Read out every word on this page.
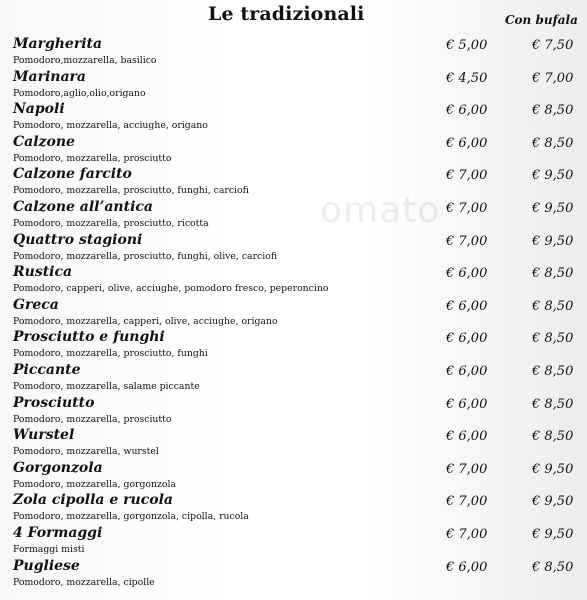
Le tradizionali	Con bufala
omato
Margherita
Pomodoro,mozzarella, basilico
€ 5,00	€ 7,50
Marinara
Pomodoro,aglio,olio,origano
€ 4,50	€ 7,00
Napoli
Pomodoro, mozzarella, acciughe, origano
€ 6,00	€ 8,50
Calzone
Pomodoro, mozzarella, prosciutto
€ 6,00	€ 8,50
Calzone farcito
Pomodoro, mozzarella, prosciutto, funghi, carciofi
€ 7,00	€ 9,50
Calzone all’antica
Pomodoro, mozzarella, prosciutto, ricotta
€ 7,00	€ 9,50
Quattro stagioni
Pomodoro, mozzarella, prosciutto, funghi, olive, carciofi
€ 7,00	€ 9,50
Rustica
Pomodoro, capperi, olive, acciughe, pomodoro fresco, peperoncino
€ 6,00	€ 8,50
Greca
Pomodoro, mozzarella, capperi, olive, acciughe, origano
€ 6,00	€ 8,50
Prosciutto e funghi
Pomodoro, mozzarella, prosciutto, funghi
€ 6,00	€ 8,50
Piccante
Pomodoro, mozzarella, salame piccante
€ 6,00	€ 8,50
Prosciutto
Pomodoro, mozzarella, prosciutto
€ 6,00	€ 8,50
Wurstel
Pomodoro, mozzarella, wurstel
€ 6,00	€ 8,50
Gorgonzola
Pomodoro, mozzarella, gorgonzola
€ 7,00	€ 9,50
Zola cipolla e rucola
Pomodoro, mozzarella, gorgonzola, cipolla, rucola
€ 7,00	€ 9,50
4 Formaggi
Formaggi misti
€ 7,00	€ 9,50
Pugliese
Pomodoro, mozzarella, cipolle
€ 6,00	€ 8,50
